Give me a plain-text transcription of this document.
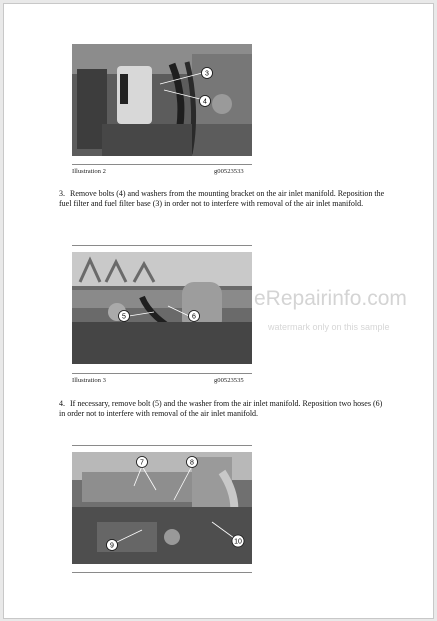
3
4
Illustration 2	g00523533
3. Remove bolts (4) and washers from the mounting bracket on the air inlet manifold. Reposition the fuel filter and fuel filter base (3) in order not to interfere with removal of the air inlet manifold.
5	6
Illustration 3	g00523535
4. If necessary, remove bolt (5) and the washer from the air inlet manifold. Reposition two hoses (6) in order not to interfere with removal of the air inlet manifold.
7	8
9
10
eRepairinfo.com
watermark only on this sample
